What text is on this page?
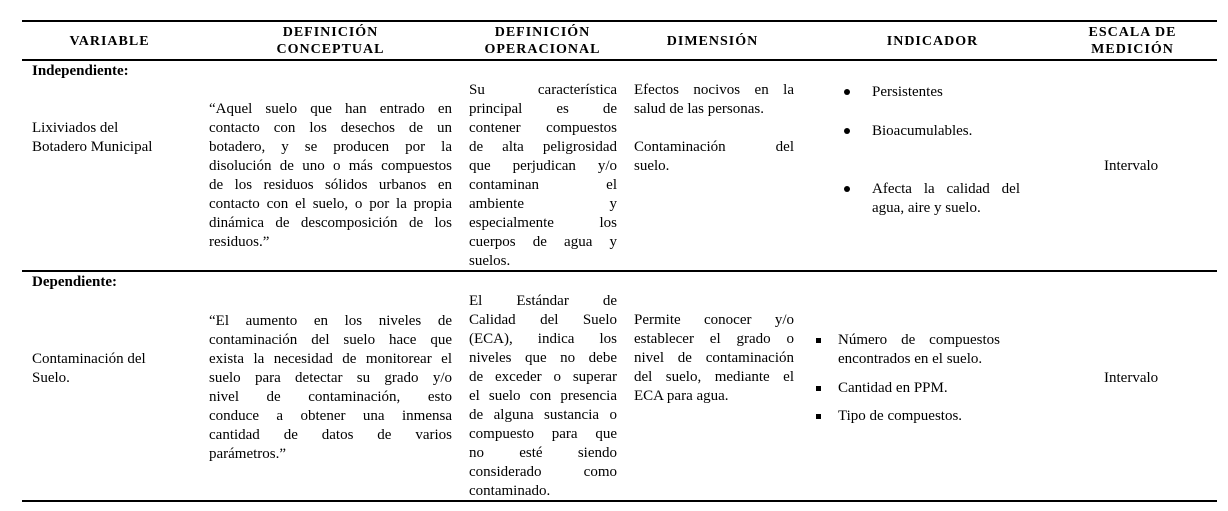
VARIABLE
DEFINICIÓN
CONCEPTUAL
DEFINICIÓN
OPERACIONAL
DIMENSIÓN	INDICADOR
ESCALA DE
MEDICIÓN
Independiente:
Lixiviados del
Botadero Municipal
“Aquel suelo que han entrado en
contacto con los desechos de un
botadero, y se producen por la
disolución de uno o más compuestos
de los residuos sólidos urbanos en
contacto con el suelo, o por la propia
dinámica de descomposición de los
residuos.”
Su característica
principal es de
contener compuestos
de alta peligrosidad
que perjudican y/o
contaminan el
ambiente y
especialmente los
cuerpos de agua y
suelos.
Efectos nocivos en la
salud de las personas.
Contaminación del
suelo.
Persistentes
Bioacumulables.
Afecta la calidad del
agua, aire y suelo.
Intervalo
Dependiente:
Contaminación del
Suelo.
“El aumento en los niveles de
contaminación del suelo hace que
exista la necesidad de monitorear el
suelo para detectar su grado y/o
nivel de contaminación, esto
conduce a obtener una inmensa
cantidad de datos de varios
parámetros.”
El Estándar de
Calidad del Suelo
(ECA), indica los
niveles que no debe
de exceder o superar
el suelo con presencia
de alguna sustancia o
compuesto para que
no esté siendo
considerado como
contaminado.
Permite conocer y/o
establecer el grado o
nivel de contaminación
del suelo, mediante el
ECA para agua.
Número de compuestos
encontrados en el suelo.
Cantidad en PPM.
Tipo de compuestos.
Intervalo
